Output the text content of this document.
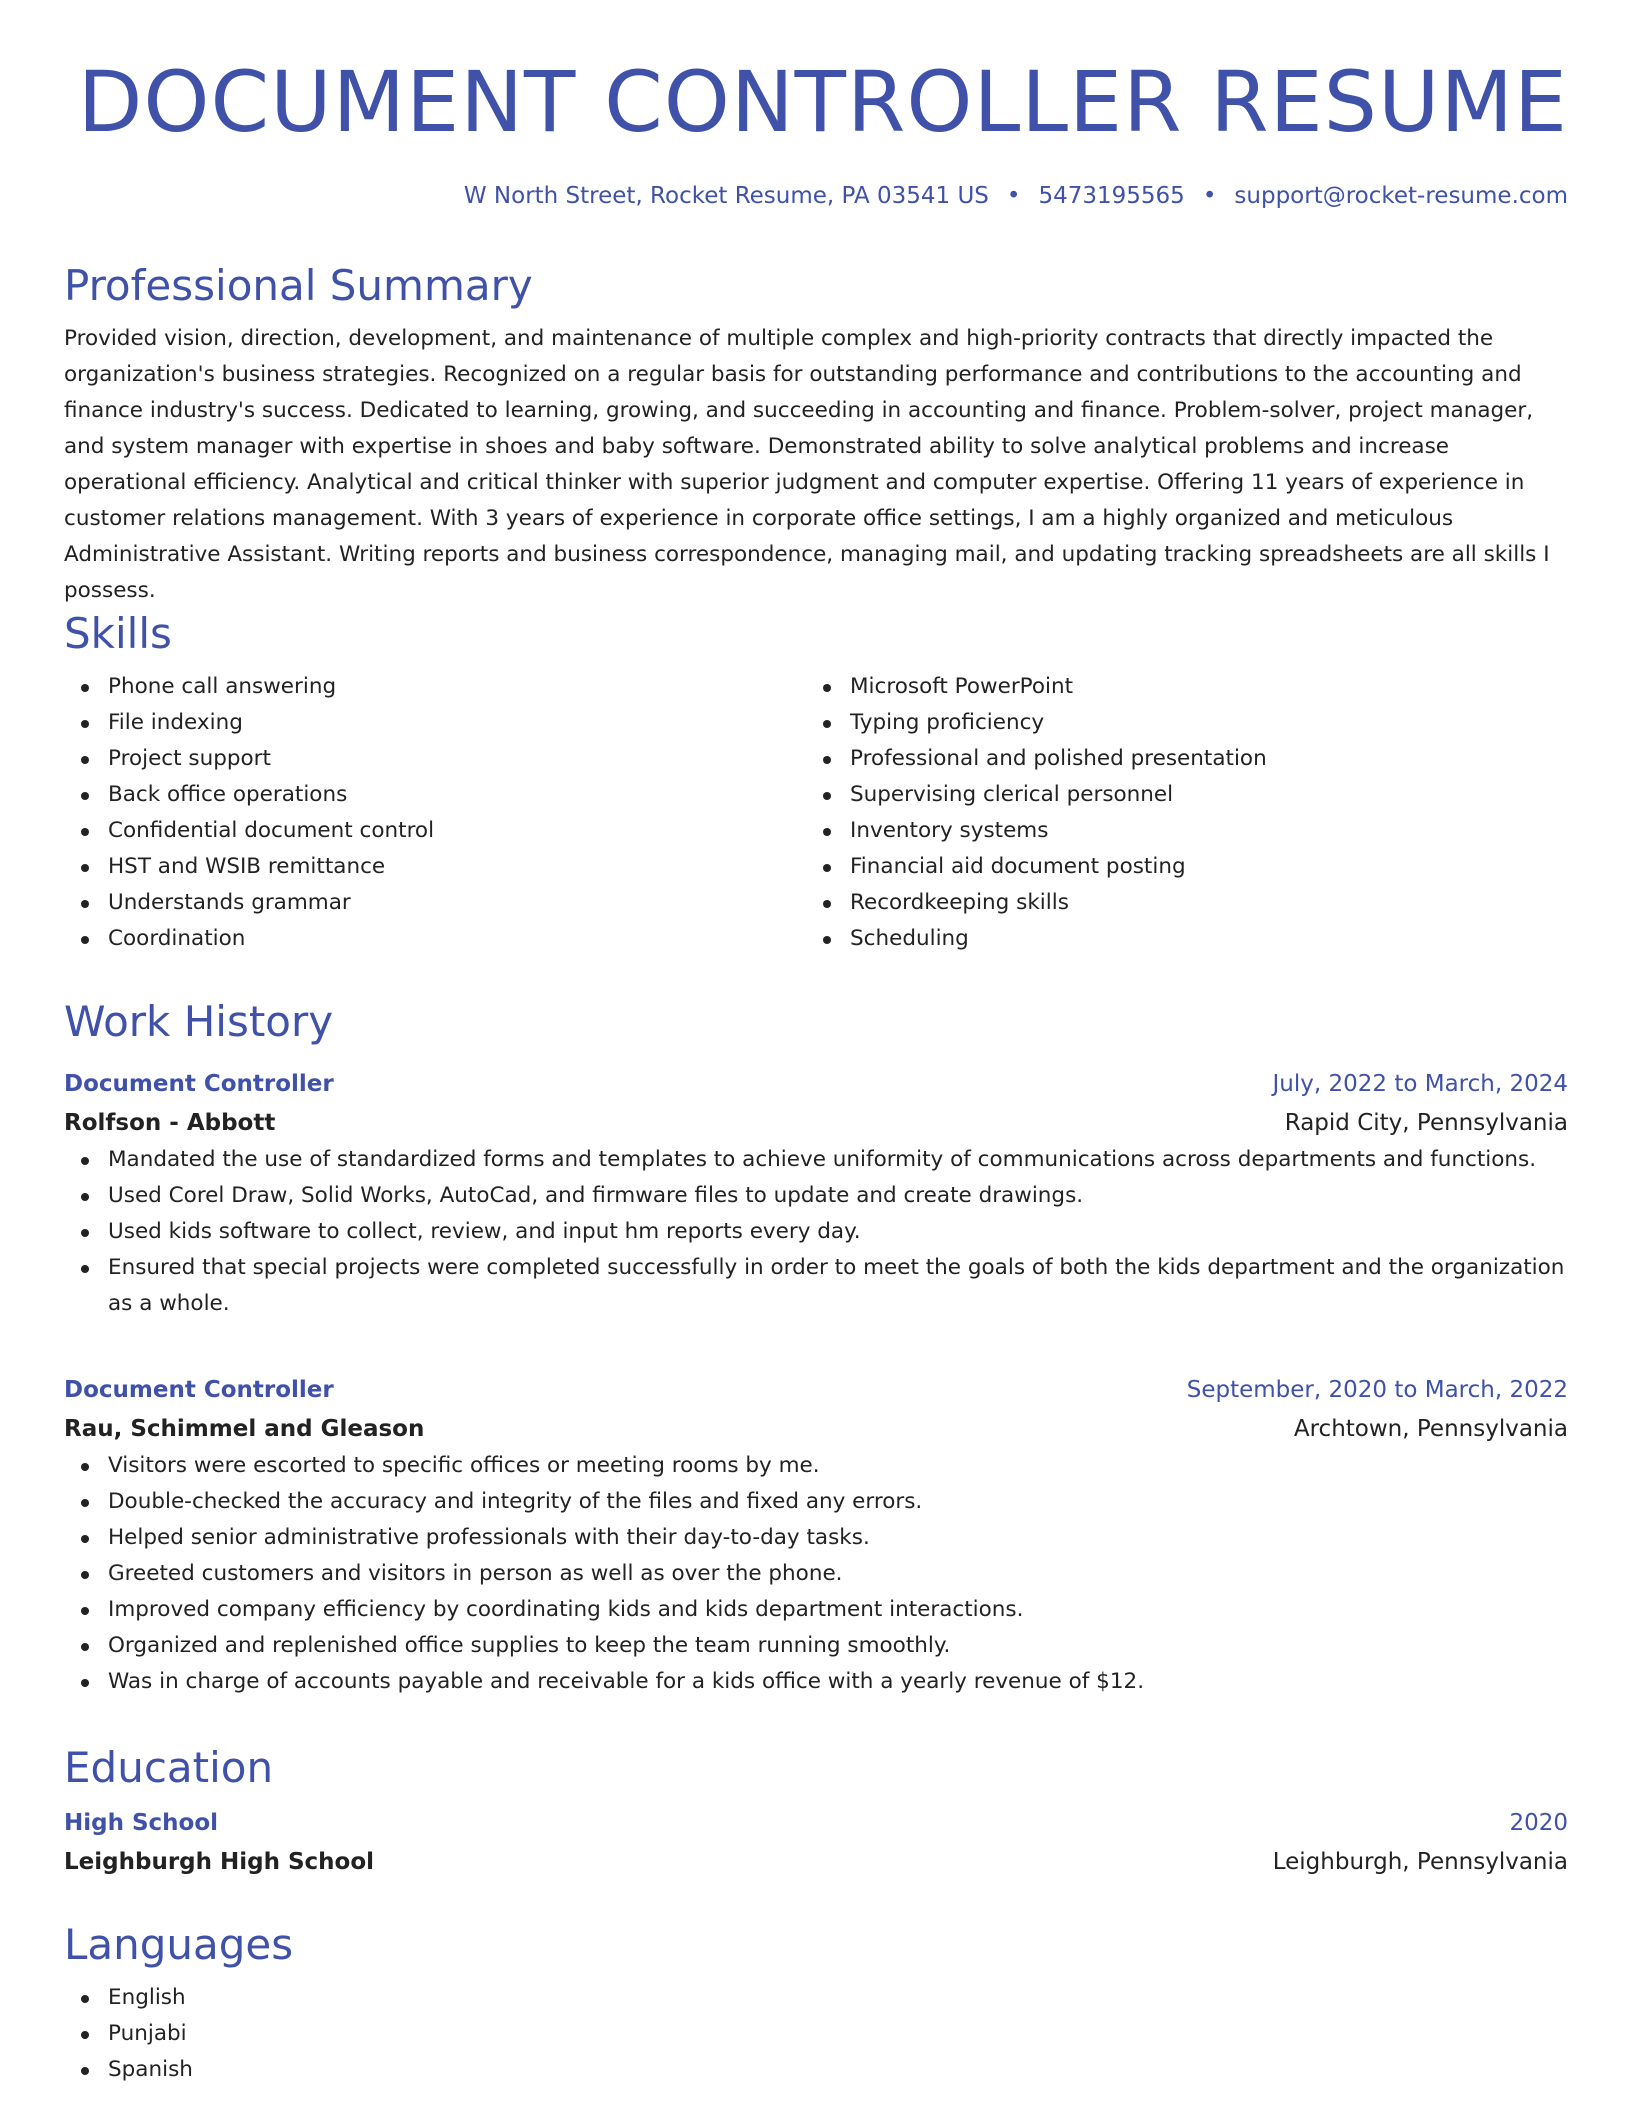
DOCUMENT CONTROLLER RESUME
W North Street, Rocket Resume, PA 03541 US • 5473195565 • support@rocket-resume.com
Professional Summary

Provided vision, direction, development, and maintenance of multiple complex and high-priority contracts that directly impacted the organization's business strategies. Recognized on a regular basis for outstanding performance and contributions to the accounting and finance industry's success. Dedicated to learning, growing, and succeeding in accounting and finance. Problem-solver, project manager, and system manager with expertise in shoes and baby software. Demonstrated ability to solve analytical problems and increase operational efficiency. Analytical and critical thinker with superior judgment and computer expertise. Offering 11 years of experience in customer relations management. With 3 years of experience in corporate office settings, I am a highly organized and meticulous Administrative Assistant. Writing reports and business correspondence, managing mail, and updating tracking spreadsheets are all skills I possess.

Skills
Phone call answering
File indexing
Project support
Back office operations
Confidential document control
HST and WSIB remittance
Understands grammar
Coordination
Microsoft PowerPoint
Typing proficiency
Professional and polished presentation
Supervising clerical personnel
Inventory systems
Financial aid document posting
Recordkeeping skills
Scheduling
Work History
Document Controller	July, 2022 to March, 2024
Rolfson - Abbott	Rapid City, Pennsylvania
Mandated the use of standardized forms and templates to achieve uniformity of communications across departments and functions.
Used Corel Draw, Solid Works, AutoCad, and firmware files to update and create drawings.
Used kids software to collect, review, and input hm reports every day.
Ensured that special projects were completed successfully in order to meet the goals of both the kids department and the organization as a whole.
Document Controller	September, 2020 to March, 2022
Rau, Schimmel and Gleason	Archtown, Pennsylvania
Visitors were escorted to specific offices or meeting rooms by me.
Double-checked the accuracy and integrity of the files and fixed any errors.
Helped senior administrative professionals with their day-to-day tasks.
Greeted customers and visitors in person as well as over the phone.
Improved company efficiency by coordinating kids and kids department interactions.
Organized and replenished office supplies to keep the team running smoothly.
Was in charge of accounts payable and receivable for a kids office with a yearly revenue of $12.
Education
High School	2020
Leighburgh High School	Leighburgh, Pennsylvania
Languages
English
Punjabi
Spanish
